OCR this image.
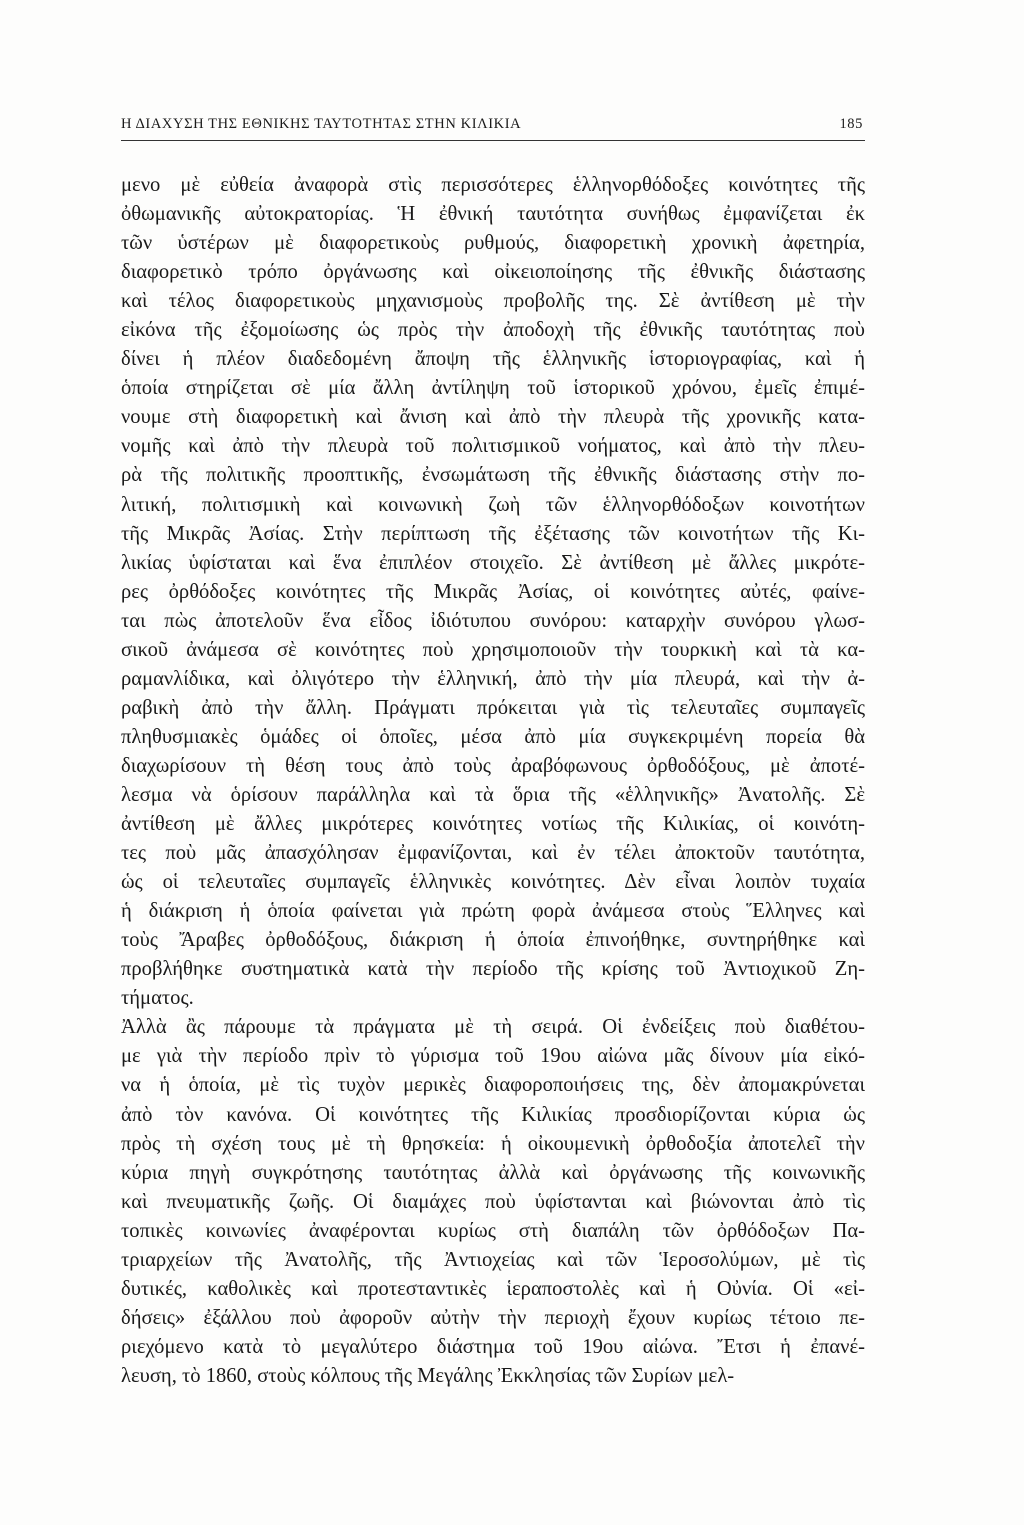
Η ΔΙΑΧΥΣΗ ΤΗΣ ΕΘΝΙΚΗΣ ΤΑΥΤΟΤΗΤΑΣ ΣΤΗΝ ΚΙΛΙΚΙΑ	185
μενο μὲ εὐθεία ἀναφορὰ στὶς περισσότερες ἑλληνορθόδοξες κοινότητες τῆς
ὀθωμανικῆς αὐτοκρατορίας. Ἡ ἐθνική ταυτότητα συνήθως ἐμφανίζεται ἐκ
τῶν ὑστέρων μὲ διαφορετικοὺς ρυθμούς, διαφορετικὴ χρονικὴ ἀφετηρία,
διαφορετικὸ τρόπο ὀργάνωσης καὶ οἰκειοποίησης τῆς ἐθνικῆς διάστασης
καὶ τέλος διαφορετικοὺς μηχανισμοὺς προβολῆς της. Σὲ ἀντίθεση μὲ τὴν
εἰκόνα τῆς ἐξομοίωσης ὡς πρὸς τὴν ἀποδοχὴ τῆς ἐθνικῆς ταυτότητας ποὺ
δίνει ἡ πλέον διαδεδομένη ἄποψη τῆς ἑλληνικῆς ἱστοριογραφίας, καὶ ἡ
ὁποία στηρίζεται σὲ μία ἄλλη ἀντίληψη τοῦ ἱστορικοῦ χρόνου, ἐμεῖς ἐπιμέ-
νουμε στὴ διαφορετικὴ καὶ ἄνιση καὶ ἀπὸ τὴν πλευρὰ τῆς χρονικῆς κατα-
νομῆς καὶ ἀπὸ τὴν πλευρὰ τοῦ πολιτισμικοῦ νοήματος, καὶ ἀπὸ τὴν πλευ-
ρὰ τῆς πολιτικῆς προοπτικῆς, ἐνσωμάτωση τῆς ἐθνικῆς διάστασης στὴν πο-
λιτική, πολιτισμικὴ καὶ κοινωνικὴ ζωὴ τῶν ἑλληνορθόδοξων κοινοτήτων
τῆς Μικρᾶς Ἀσίας. Στὴν περίπτωση τῆς ἐξέτασης τῶν κοινοτήτων τῆς Κι-
λικίας ὑφίσταται καὶ ἕνα ἐπιπλέον στοιχεῖο. Σὲ ἀντίθεση μὲ ἄλλες μικρότε-
ρες ὀρθόδοξες κοινότητες τῆς Μικρᾶς Ἀσίας, οἱ κοινότητες αὐτές, φαίνε-
ται πὼς ἀποτελοῦν ἕνα εἶδος ἰδιότυπου συνόρου: καταρχὴν συνόρου γλωσ-
σικοῦ ἀνάμεσα σὲ κοινότητες ποὺ χρησιμοποιοῦν τὴν τουρκικὴ καὶ τὰ κα-
ραμανλίδικα, καὶ ὀλιγότερο τὴν ἑλληνική, ἀπὸ τὴν μία πλευρά, καὶ τὴν ἀ-
ραβικὴ ἀπὸ τὴν ἄλλη. Πράγματι πρόκειται γιὰ τὶς τελευταῖες συμπαγεῖς
πληθυσμιακὲς ὁμάδες οἱ ὁποῖες, μέσα ἀπὸ μία συγκεκριμένη πορεία θὰ
διαχωρίσουν τὴ θέση τους ἀπὸ τοὺς ἀραβόφωνους ὀρθοδόξους, μὲ ἀποτέ-
λεσμα νὰ ὁρίσουν παράλληλα καὶ τὰ ὅρια τῆς «ἑλληνικῆς» Ἀνατολῆς. Σὲ
ἀντίθεση μὲ ἄλλες μικρότερες κοινότητες νοτίως τῆς Κιλικίας, οἱ κοινότη-
τες ποὺ μᾶς ἀπασχόλησαν ἐμφανίζονται, καὶ ἐν τέλει ἀποκτοῦν ταυτότητα,
ὡς οἱ τελευταῖες συμπαγεῖς ἑλληνικὲς κοινότητες. Δὲν εἶναι λοιπὸν τυχαία
ἡ διάκριση ἡ ὁποία φαίνεται γιὰ πρώτη φορὰ ἀνάμεσα στοὺς Ἕλληνες καὶ
τοὺς Ἄραβες ὀρθοδόξους, διάκριση ἡ ὁποία ἐπινοήθηκε, συντηρήθηκε καὶ
προβλήθηκε συστηματικὰ κατὰ τὴν περίοδο τῆς κρίσης τοῦ Ἀντιοχικοῦ Ζη-
τήματος.
Ἀλλὰ ἂς πάρουμε τὰ πράγματα μὲ τὴ σειρά. Οἱ ἐνδείξεις ποὺ διαθέτου-
με γιὰ τὴν περίοδο πρὶν τὸ γύρισμα τοῦ 19ου αἰώνα μᾶς δίνουν μία εἰκό-
να ἡ ὁποία, μὲ τὶς τυχὸν μερικὲς διαφοροποιήσεις της, δὲν ἀπομακρύνεται
ἀπὸ τὸν κανόνα. Οἱ κοινότητες τῆς Κιλικίας προσδιορίζονται κύρια ὡς
πρὸς τὴ σχέση τους μὲ τὴ θρησκεία: ἡ οἰκουμενικὴ ὀρθοδοξία ἀποτελεῖ τὴν
κύρια πηγὴ συγκρότησης ταυτότητας ἀλλὰ καὶ ὀργάνωσης τῆς κοινωνικῆς
καὶ πνευματικῆς ζωῆς. Οἱ διαμάχες ποὺ ὑφίστανται καὶ βιώνονται ἀπὸ τὶς
τοπικὲς κοινωνίες ἀναφέρονται κυρίως στὴ διαπάλη τῶν ὀρθόδοξων Πα-
τριαρχείων τῆς Ἀνατολῆς, τῆς Ἀντιοχείας καὶ τῶν Ἱεροσολύμων, μὲ τὶς
δυτικές, καθολικὲς καὶ προτεσταντικὲς ἱεραποστολὲς καὶ ἡ Οὐνία. Οἱ «εἰ-
δήσεις» ἐξάλλου ποὺ ἀφοροῦν αὐτὴν τὴν περιοχὴ ἔχουν κυρίως τέτοιο πε-
ριεχόμενο κατὰ τὸ μεγαλύτερο διάστημα τοῦ 19ου αἰώνα. Ἔτσι ἡ ἐπανέ-
λευση, τὸ 1860, στοὺς κόλπους τῆς Μεγάλης Ἐκκλησίας τῶν Συρίων μελ-
